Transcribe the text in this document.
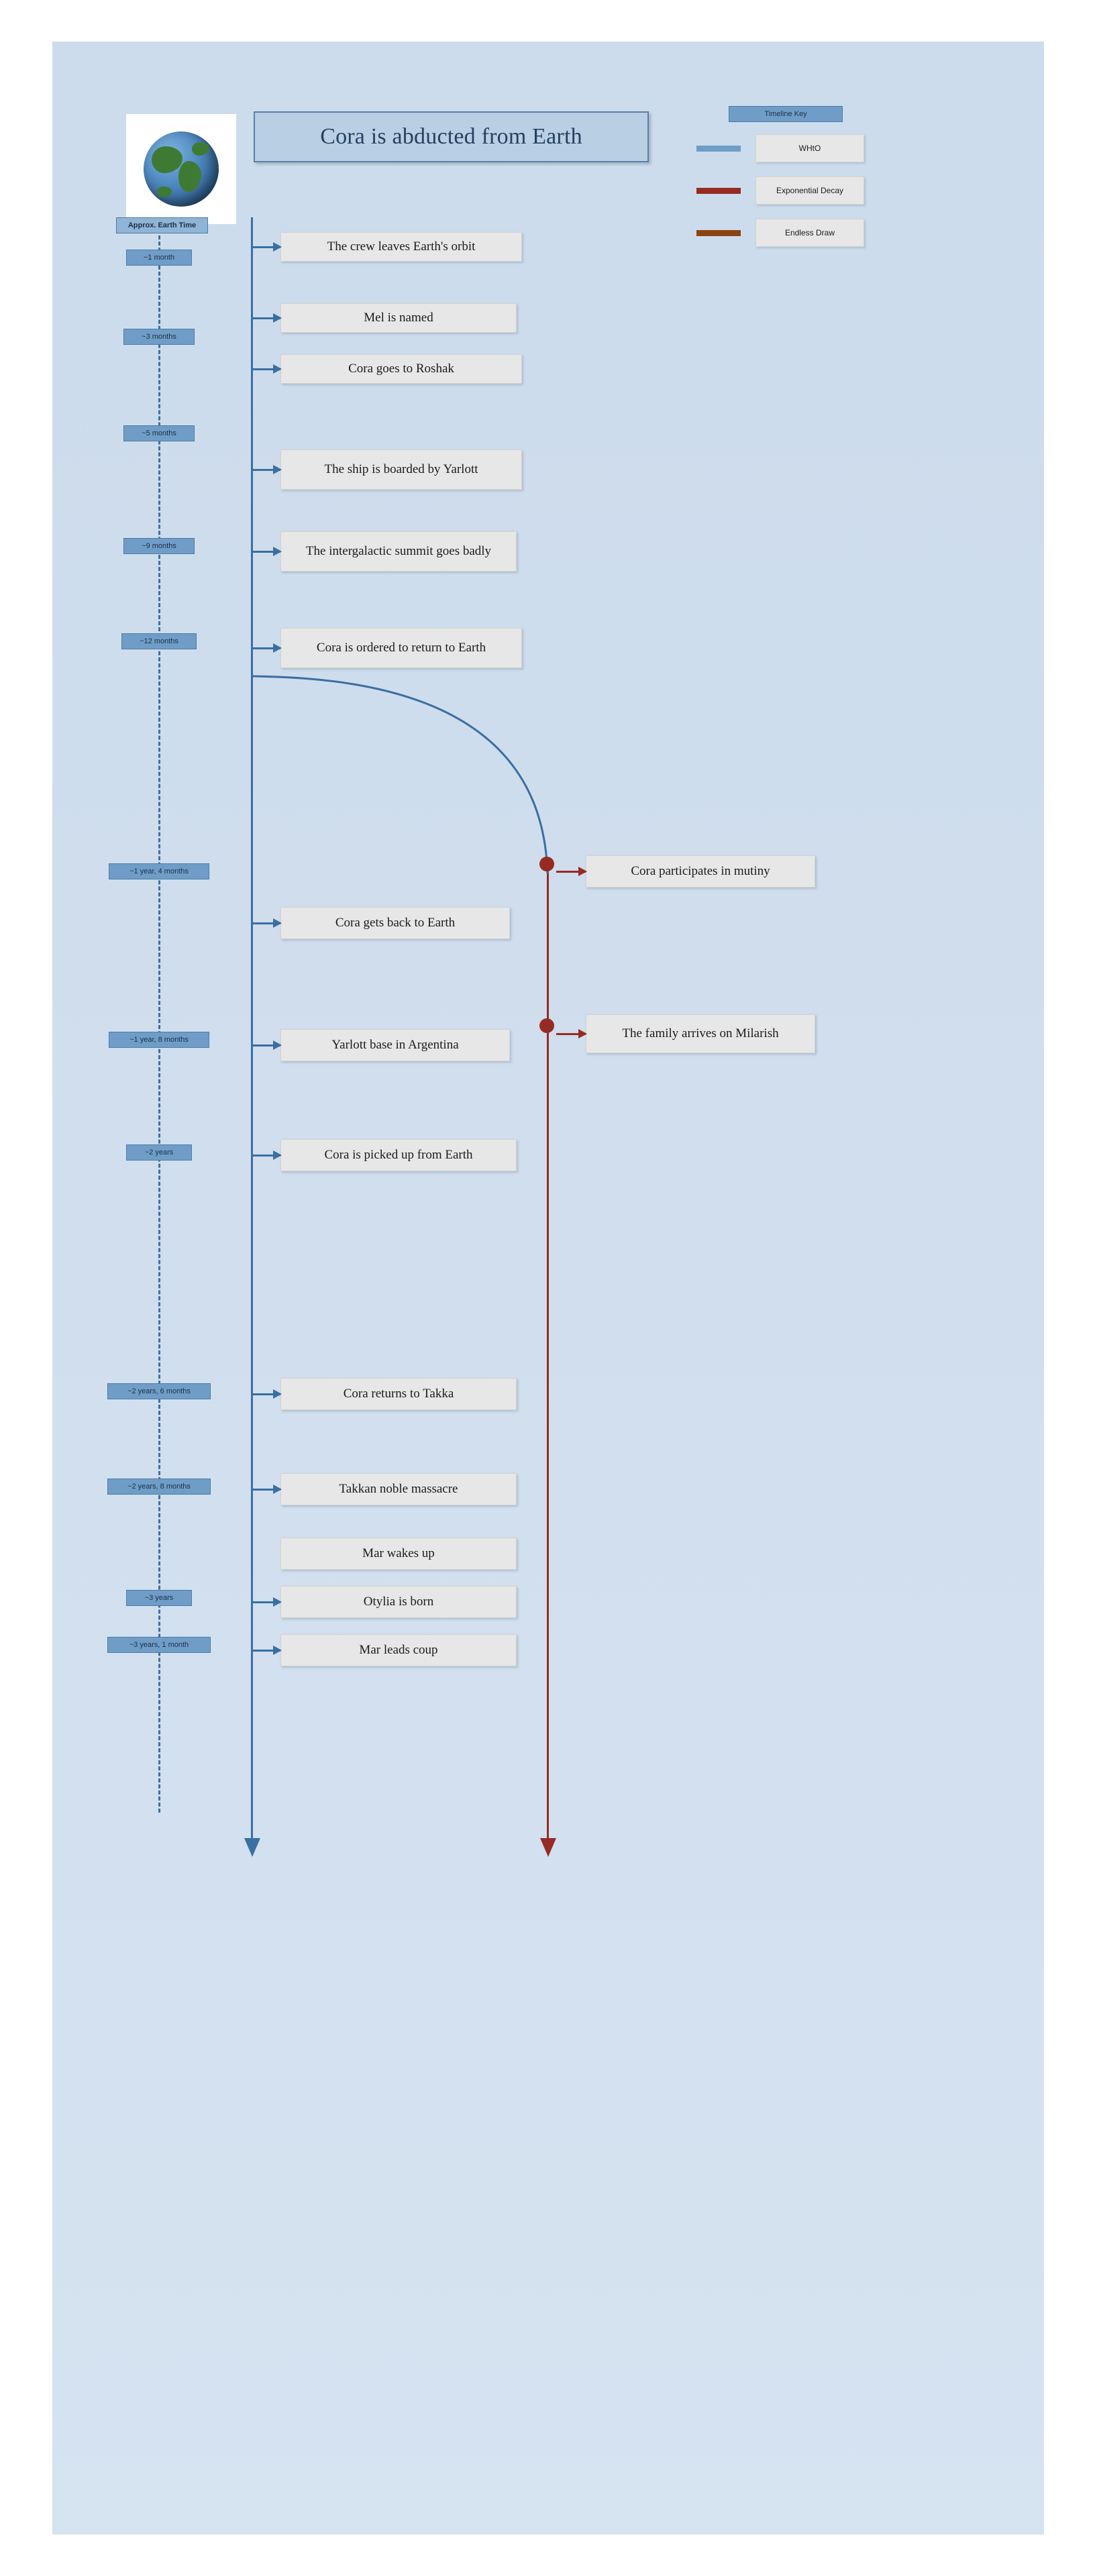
Cora is abducted from Earth
Timeline Key
WHtO
Exponential Decay
Endless Draw
Approx. Earth Time
~1 month
~3 months
~5 months
~9 months
~12 months
~1 year, 4 months
~1 year, 8 months
~2 years
~2 years, 6 months
~2 years, 8 months
~3 years
~3 years, 1 month
The crew leaves Earth's orbit
Mel is named
Cora goes to Roshak
The ship is boarded by Yarlott
The intergalactic summit goes badly
Cora is ordered to return to Earth
Cora participates in mutiny
Cora gets back to Earth
The family arrives on Milarish
Yarlott base in Argentina
Cora is picked up from Earth
Cora returns to Takka
Takkan noble massacre
Mar wakes up
Otylia is born
Mar leads coup
